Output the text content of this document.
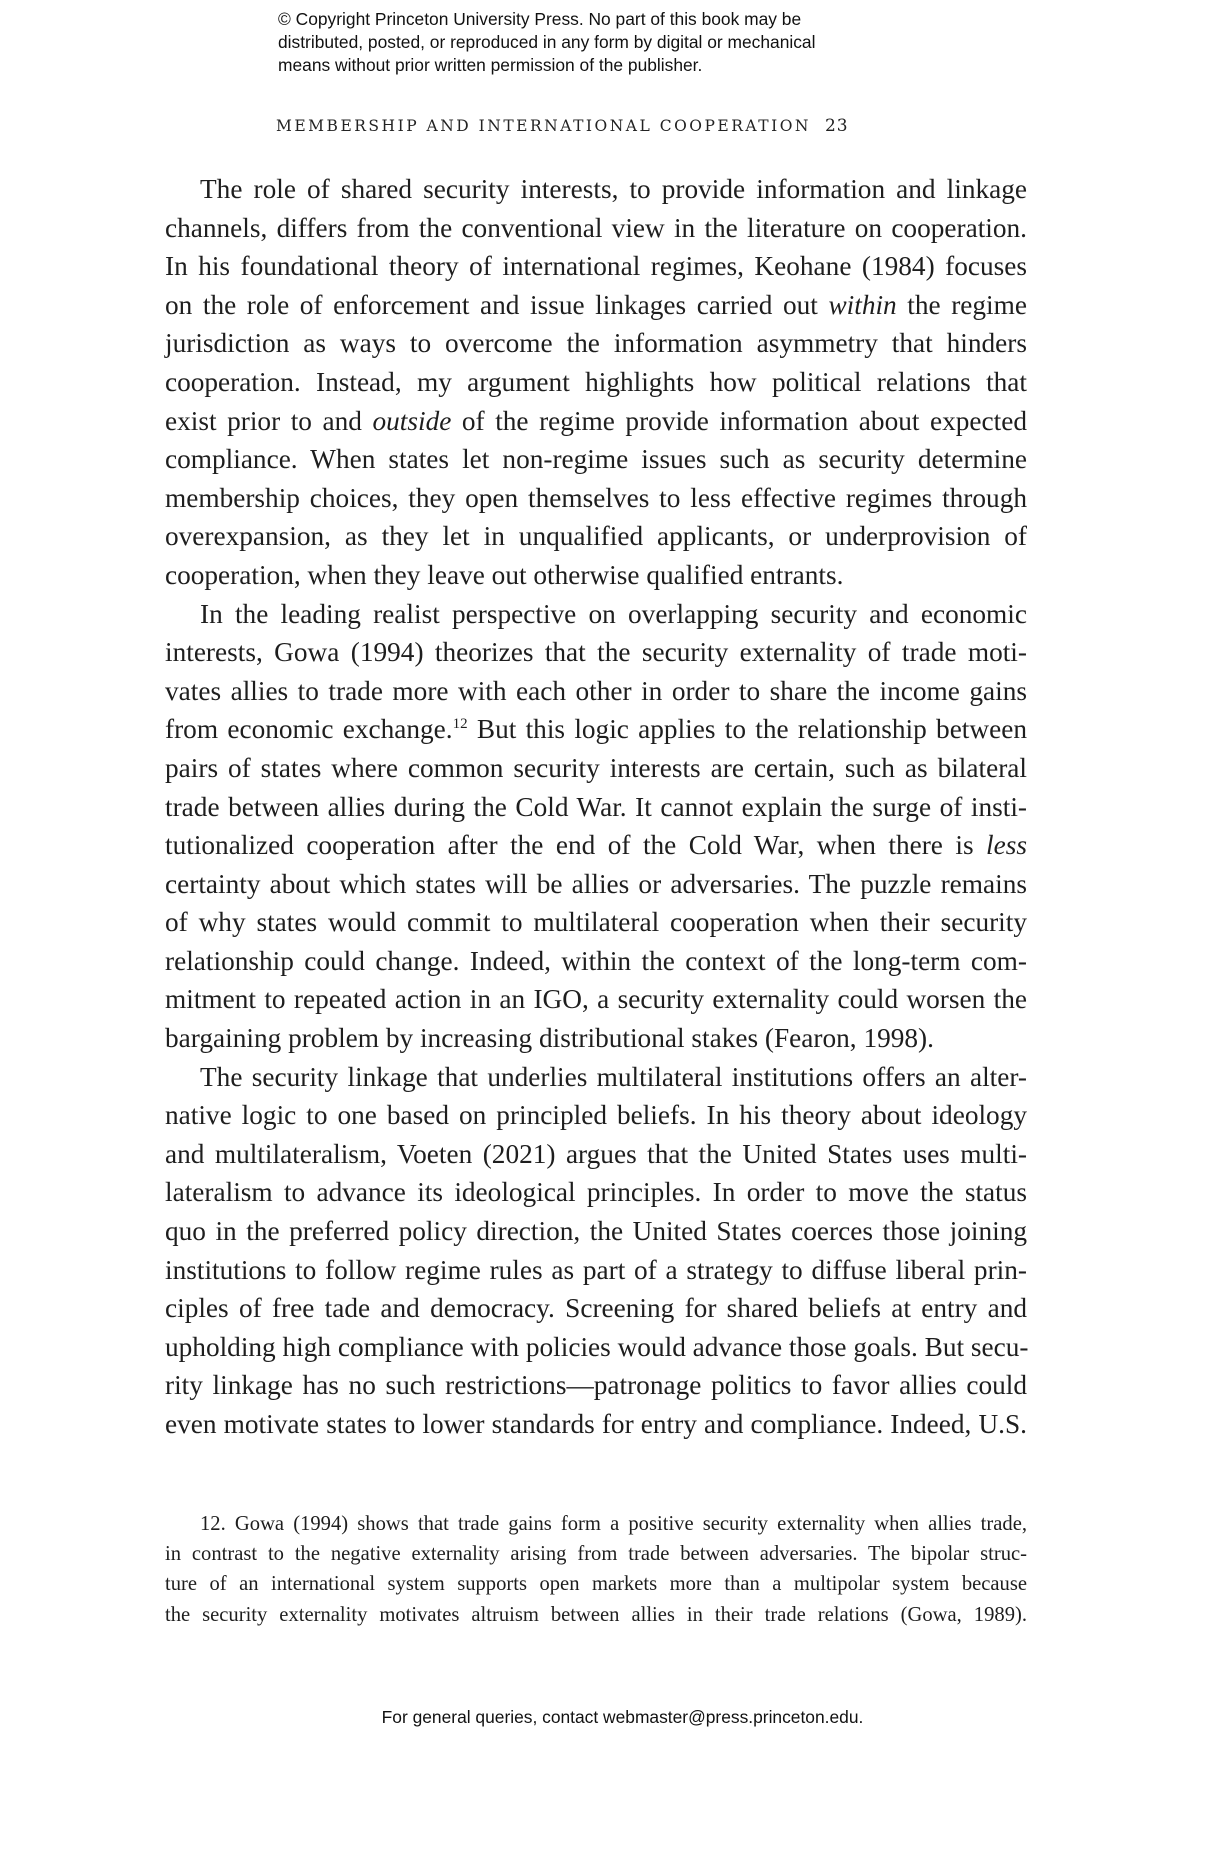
© Copyright Princeton University Press. No part of this book may be
distributed, posted, or reproduced in any form by digital or mechanical
means without prior written permission of the publisher.
MEMBERSHIP AND INTERNATIONAL COOPERATION 23
The role of shared security interests, to provide information and linkage
channels, differs from the conventional view in the literature on cooperation.
In his foundational theory of international regimes, Keohane (1984) focuses
on the role of enforcement and issue linkages carried out within the regime
jurisdiction as ways to overcome the information asymmetry that hinders
cooperation. Instead, my argument highlights how political relations that
exist prior to and outside of the regime provide information about expected
compliance. When states let non-regime issues such as security determine
membership choices, they open themselves to less effective regimes through
overexpansion, as they let in unqualified applicants, or underprovision of
cooperation, when they leave out otherwise qualified entrants.
In the leading realist perspective on overlapping security and economic
interests, Gowa (1994) theorizes that the security externality of trade moti-
vates allies to trade more with each other in order to share the income gains
from economic exchange.$^{12}$ But this logic applies to the relationship between
pairs of states where common security interests are certain, such as bilateral
trade between allies during the Cold War. It cannot explain the surge of insti-
tutionalized cooperation after the end of the Cold War, when there is less
certainty about which states will be allies or adversaries. The puzzle remains
of why states would commit to multilateral cooperation when their security
relationship could change. Indeed, within the context of the long-term com-
mitment to repeated action in an IGO, a security externality could worsen the
bargaining problem by increasing distributional stakes (Fearon, 1998).
The security linkage that underlies multilateral institutions offers an alter-
native logic to one based on principled beliefs. In his theory about ideology
and multilateralism, Voeten (2021) argues that the United States uses multi-
lateralism to advance its ideological principles. In order to move the status
quo in the preferred policy direction, the United States coerces those joining
institutions to follow regime rules as part of a strategy to diffuse liberal prin-
ciples of free tade and democracy. Screening for shared beliefs at entry and
upholding high compliance with policies would advance those goals. But secu-
rity linkage has no such restrictions—patronage politics to favor allies could
even motivate states to lower standards for entry and compliance. Indeed, U.S.
12. Gowa (1994) shows that trade gains form a positive security externality when allies trade,
in contrast to the negative externality arising from trade between adversaries. The bipolar struc-
ture of an international system supports open markets more than a multipolar system because
the security externality motivates altruism between allies in their trade relations (Gowa, 1989).
For general queries, contact webmaster@press.princeton.edu.
